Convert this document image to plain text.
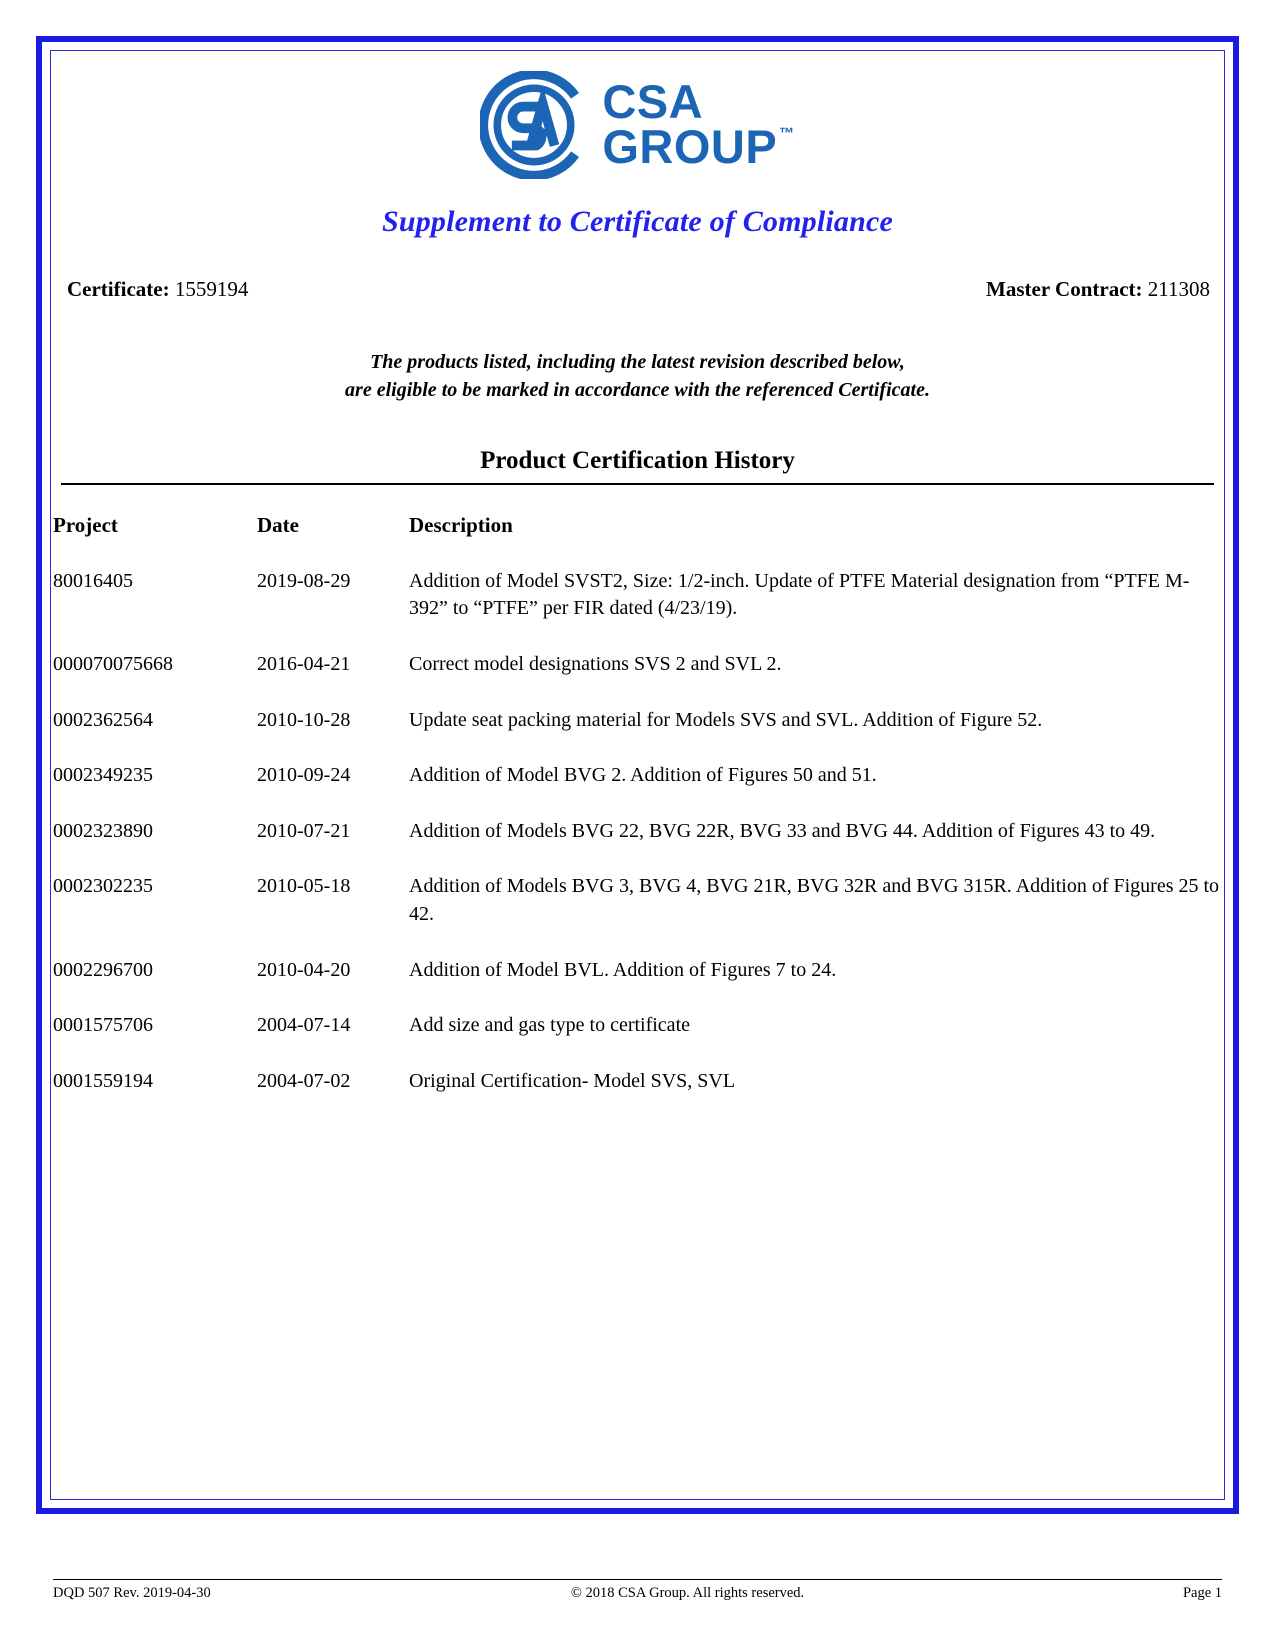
CSA
GROUP ™
Supplement to Certificate of Compliance
Certificate: 1559194	Master Contract: 211308
The products listed, including the latest revision described below,
are eligible to be marked in accordance with the referenced Certificate.
Product Certification History
Project	Date	Description
80016405	2019-08-29	Addition of Model SVST2, Size: 1/2-inch. Update of PTFE Material designation from “PTFE M-392” to “PTFE” per FIR dated (4/23/19).
000070075668	2016-04-21	Correct model designations SVS 2 and SVL 2.
0002362564	2010-10-28	Update seat packing material for Models SVS and SVL. Addition of Figure 52.
0002349235	2010-09-24	Addition of Model BVG 2. Addition of Figures 50 and 51.
0002323890	2010-07-21	Addition of Models BVG 22, BVG 22R, BVG 33 and BVG 44. Addition of Figures 43 to 49.
0002302235	2010-05-18	Addition of Models BVG 3, BVG 4, BVG 21R, BVG 32R and BVG 315R. Addition of Figures 25 to 42.
0002296700	2010-04-20	Addition of Model BVL. Addition of Figures 7 to 24.
0001575706	2004-07-14	Add size and gas type to certificate
0001559194	2004-07-02	Original Certification- Model SVS, SVL
DQD 507 Rev. 2019-04-30	© 2018 CSA Group. All rights reserved.	Page 1
